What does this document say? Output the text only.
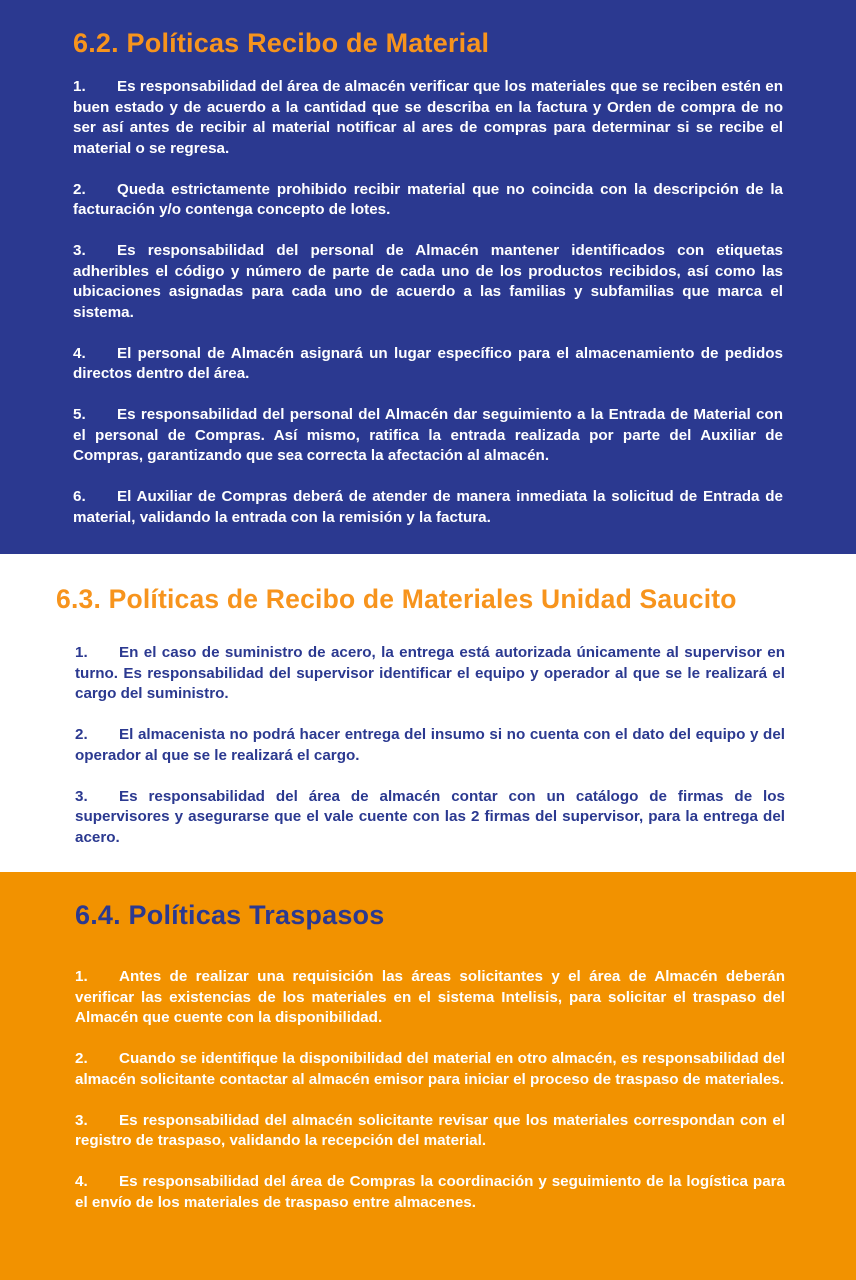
6.2. Políticas Recibo de Material
1. Es responsabilidad del área de almacén verificar que los materiales que se reciben estén en buen estado y de acuerdo a la cantidad que se describa en la factura y Orden de compra de no ser así antes de recibir al material notificar al ares de compras para determinar si se recibe el material o se regresa.
2. Queda estrictamente prohibido recibir material que no coincida con la descripción de la facturación y/o contenga concepto de lotes.
3. Es responsabilidad del personal de Almacén mantener identificados con etiquetas adheribles el código y número de parte de cada uno de los productos recibidos, así como las ubicaciones asignadas para cada uno de acuerdo a las familias y subfamilias que marca el sistema.
4. El personal de Almacén asignará un lugar específico para el almacenamiento de pedidos directos dentro del área.
5. Es responsabilidad del personal del Almacén dar seguimiento a la Entrada de Material con el personal de Compras. Así mismo, ratifica la entrada realizada por parte del Auxiliar de Compras, garantizando que sea correcta la afectación al almacén.
6. El Auxiliar de Compras deberá de atender de manera inmediata la solicitud de Entrada de material, validando la entrada con la remisión y la factura.
6.3. Políticas de Recibo de Materiales Unidad Saucito
1. En el caso de suministro de acero, la entrega está autorizada únicamente al supervisor en turno. Es responsabilidad del supervisor identificar el equipo y operador al que se le realizará el cargo del suministro.
2. El almacenista no podrá hacer entrega del insumo si no cuenta con el dato del equipo y del operador al que se le realizará el cargo.
3. Es responsabilidad del área de almacén contar con un catálogo de firmas de los supervisores y asegurarse que el vale cuente con las 2 firmas del supervisor, para la entrega del acero.
6.4. Políticas Traspasos
1. Antes de realizar una requisición las áreas solicitantes y el área de Almacén deberán verificar las existencias de los materiales en el sistema Intelisis, para solicitar el traspaso del Almacén que cuente con la disponibilidad.
2. Cuando se identifique la disponibilidad del material en otro almacén, es responsabilidad del almacén solicitante contactar al almacén emisor para iniciar el proceso de traspaso de materiales.
3. Es responsabilidad del almacén solicitante revisar que los materiales correspondan con el registro de traspaso, validando la recepción del material.
4. Es responsabilidad del área de Compras la coordinación y seguimiento de la logística para el envío de los materiales de traspaso entre almacenes.
